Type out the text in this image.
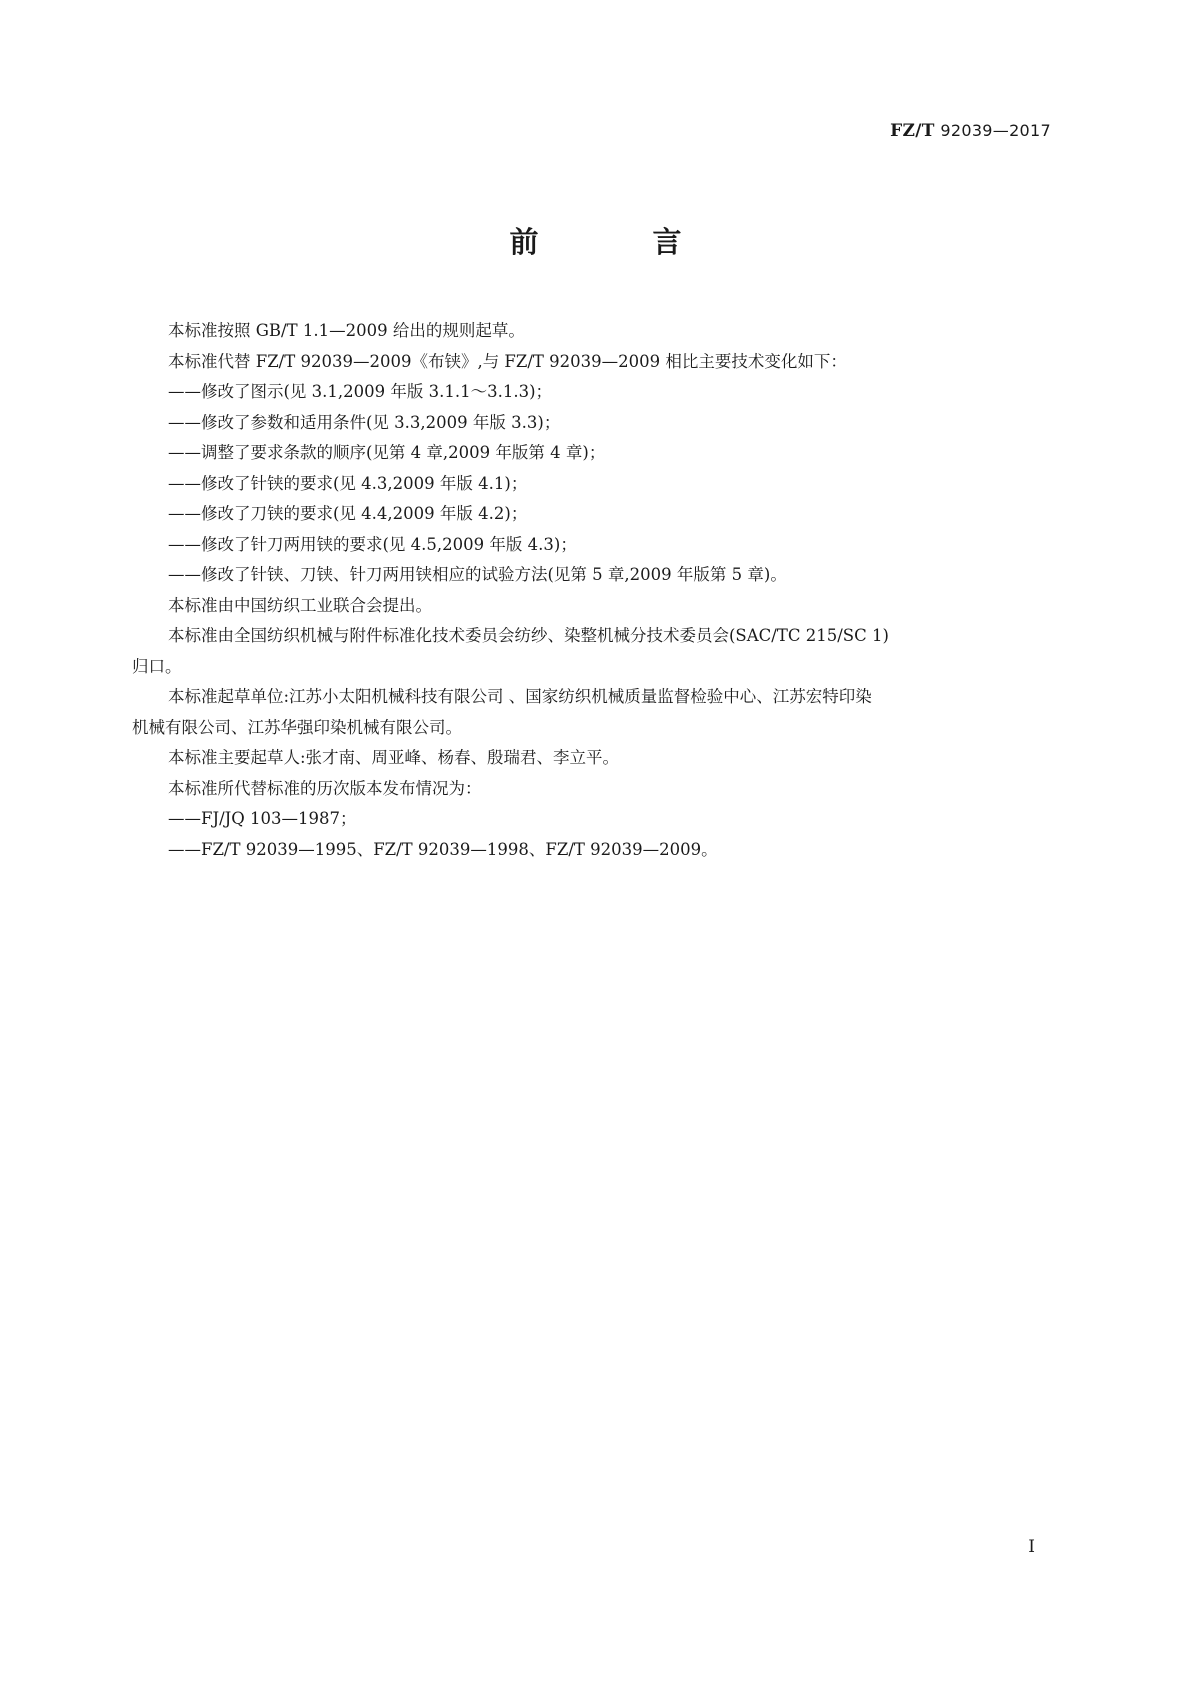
FZ/T 92039—2017
前 言

本标准按照 GB/T 1.1—2009 给出的规则起草。

本标准代替 FZ/T 92039—2009《布铗》,与 FZ/T 92039—2009 相比主要技术变化如下：

——修改了图示(见 3.1,2009 年版 3.1.1～3.1.3)；

——修改了参数和适用条件(见 3.3,2009 年版 3.3)；

——调整了要求条款的顺序(见第 4 章,2009 年版第 4 章)；

——修改了针铗的要求(见 4.3,2009 年版 4.1)；

——修改了刀铗的要求(见 4.4,2009 年版 4.2)；

——修改了针刀两用铗的要求(见 4.5,2009 年版 4.3)；

——修改了针铗、刀铗、针刀两用铗相应的试验方法(见第 5 章,2009 年版第 5 章)。

本标准由中国纺织工业联合会提出。

本标准由全国纺织机械与附件标准化技术委员会纺纱、染整机械分技术委员会(SAC/TC 215/SC 1)
归口。
本标准起草单位:江苏小太阳机械科技有限公司 、国家纺织机械质量监督检验中心、江苏宏特印染
机械有限公司、江苏华强印染机械有限公司。

本标准主要起草人:张才南、周亚峰、杨春、殷瑞君、李立平。

本标准所代替标准的历次版本发布情况为：

——FJ/JQ 103—1987；

——FZ/T 92039—1995、FZ/T 92039—1998、FZ/T 92039—2009。

I
